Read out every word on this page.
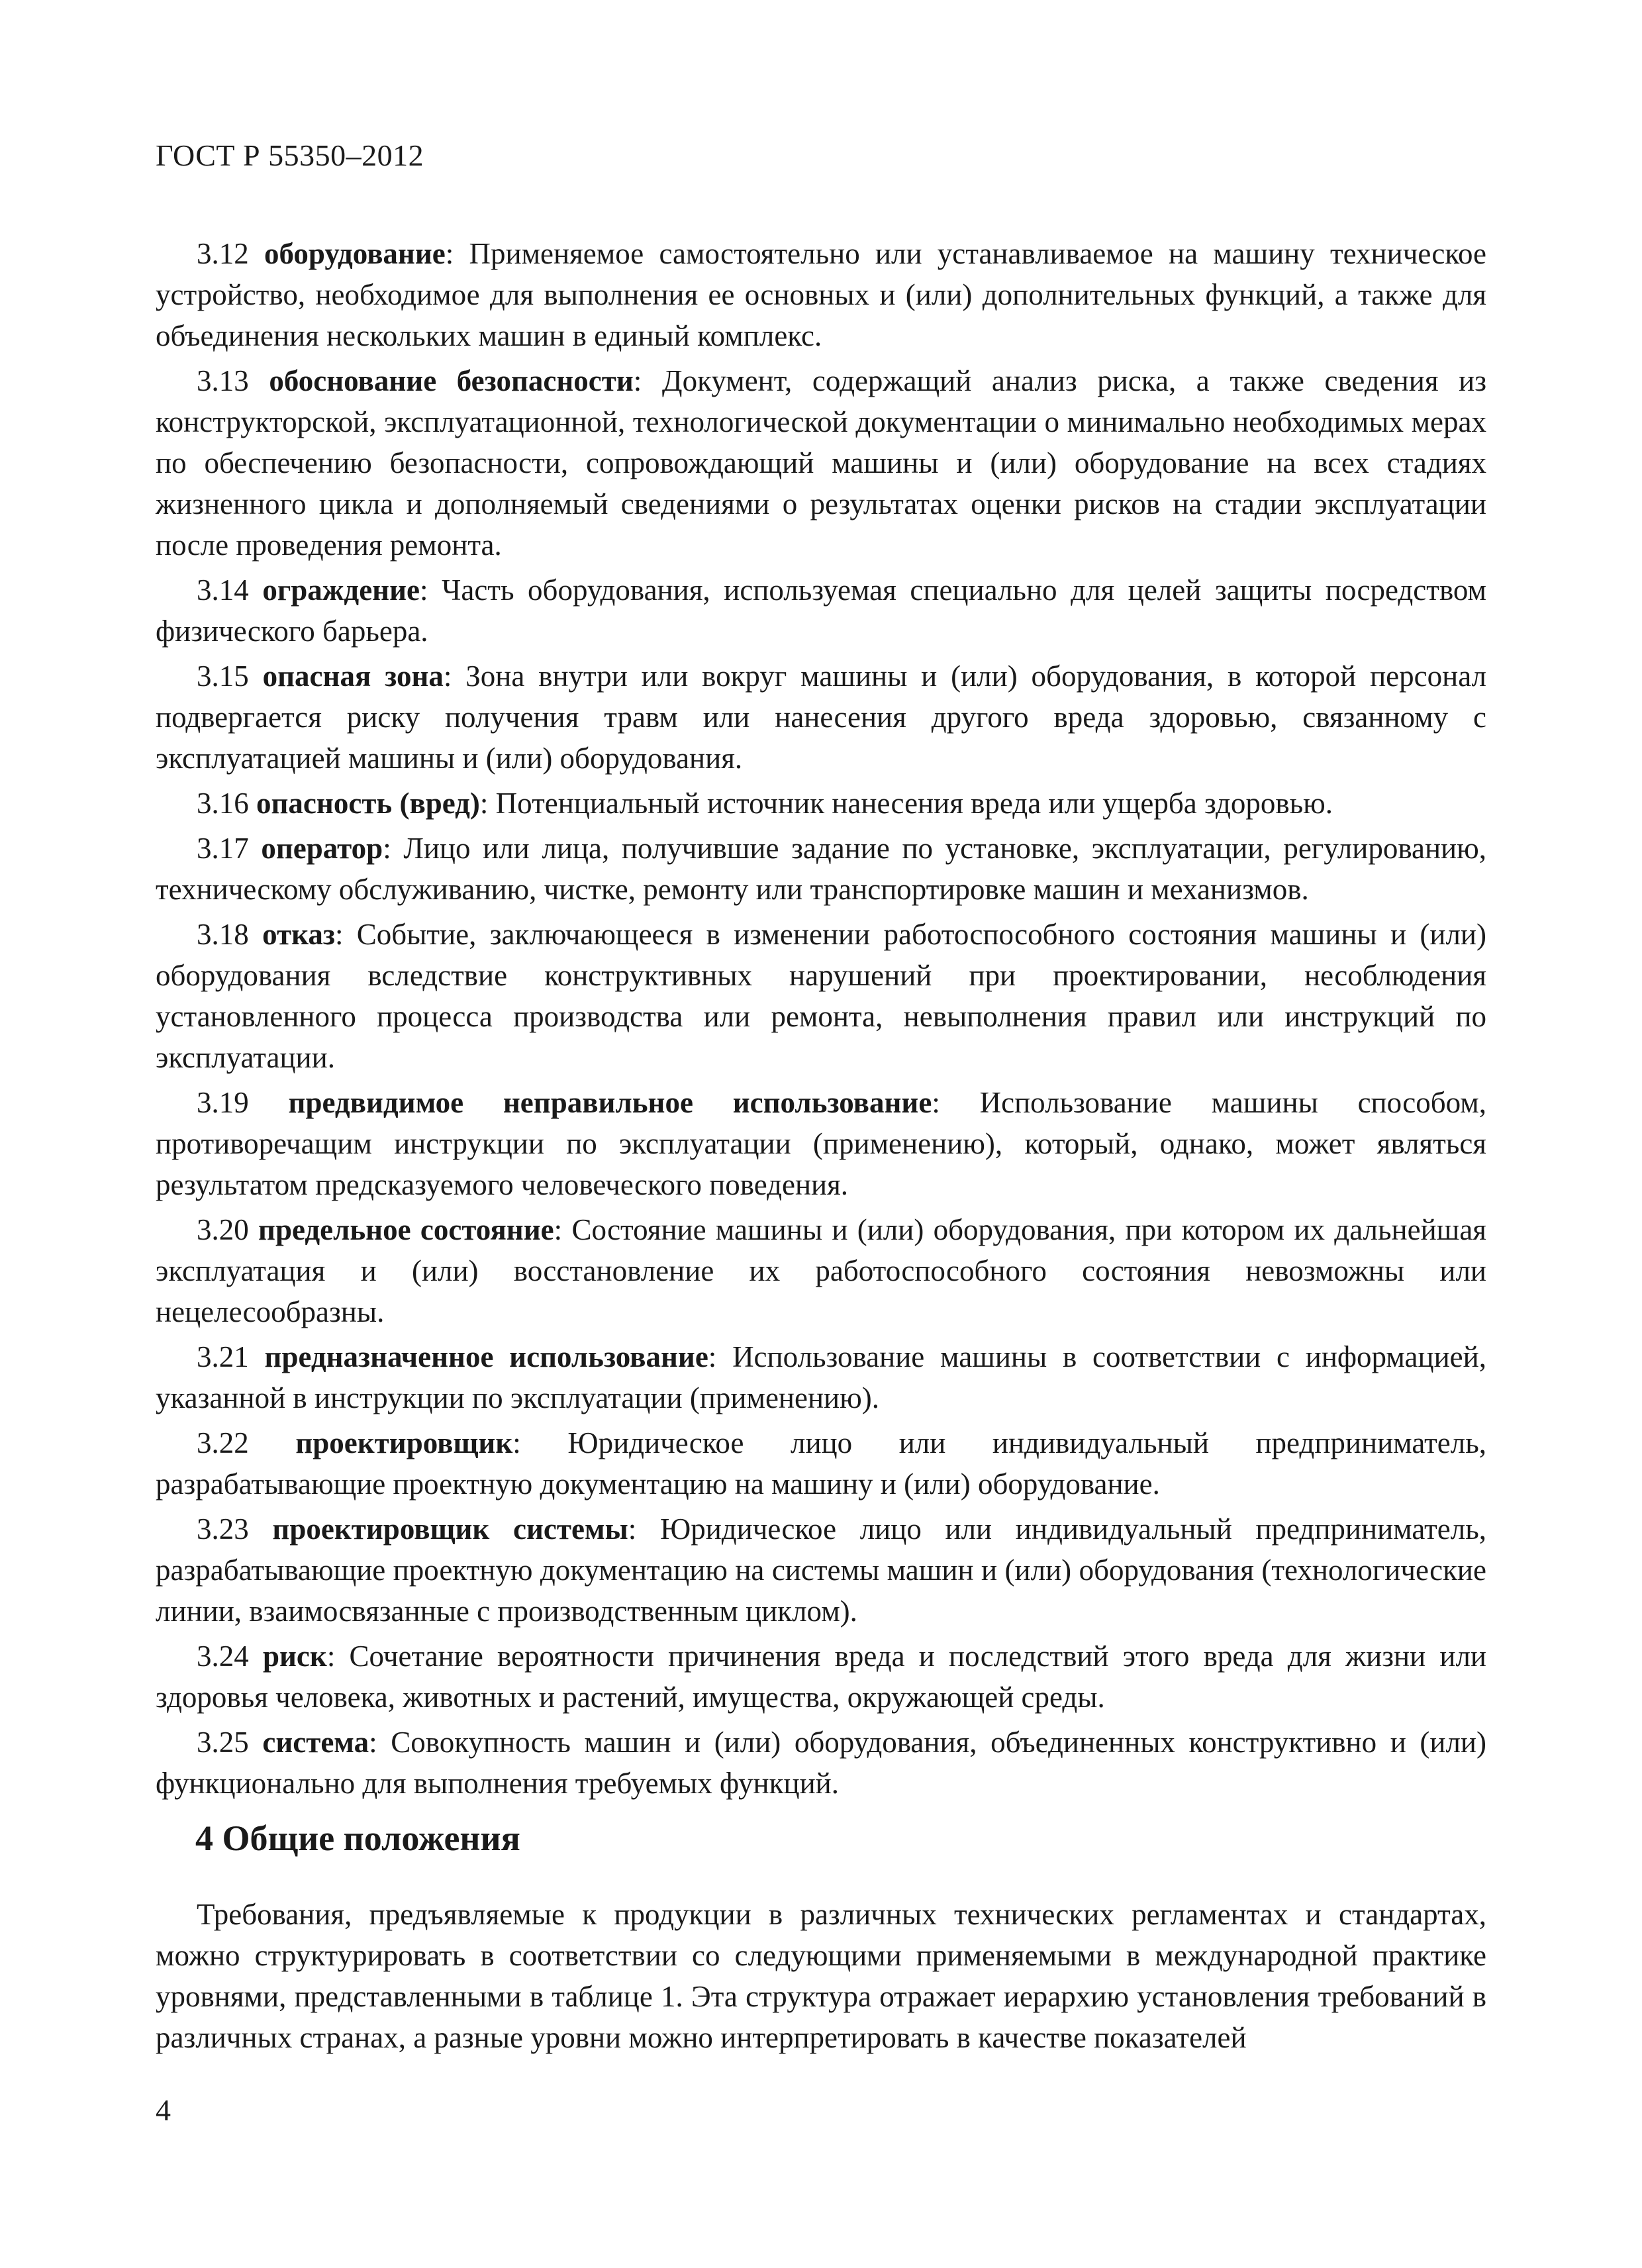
ГОСТ Р 55350–2012

3.12 оборудование: Применяемое самостоятельно или устанавливаемое на машину техническое устройство, необходимое для выполнения ее основных и (или) дополнительных функций, а также для объединения нескольких машин в единый комплекс.

3.13 обоснование безопасности: Документ, содержащий анализ риска, а также сведения из конструкторской, эксплуатационной, технологической документации о минимально необходимых мерах по обеспечению безопасности, сопровождающий машины и (или) оборудование на всех стадиях жизненного цикла и дополняемый сведениями о результатах оценки рисков на стадии эксплуатации после проведения ремонта.

3.14 ограждение: Часть оборудования, используемая специально для целей защиты посредством физического барьера.

3.15 опасная зона: Зона внутри или вокруг машины и (или) оборудования, в которой персонал подвергается риску получения травм или нанесения другого вреда здоровью, связанному с эксплуатацией машины и (или) оборудования.

3.16 опасность (вред): Потенциальный источник нанесения вреда или ущерба здоровью.

3.17 оператор: Лицо или лица, получившие задание по установке, эксплуатации, регулированию, техническому обслуживанию, чистке, ремонту или транспортировке машин и механизмов.

3.18 отказ: Событие, заключающееся в изменении работоспособного состояния машины и (или) оборудования вследствие конструктивных нарушений при проектировании, несоблюдения установленного процесса производства или ремонта, невыполнения правил или инструкций по эксплуатации.

3.19 предвидимое неправильное использование: Использование машины способом, противоречащим инструкции по эксплуатации (применению), который, однако, может являться результатом предсказуемого человеческого поведения.

3.20 предельное состояние: Состояние машины и (или) оборудования, при котором их дальнейшая эксплуатация и (или) восстановление их работоспособного состояния невозможны или нецелесообразны.

3.21 предназначенное использование: Использование машины в соответствии с информацией, указанной в инструкции по эксплуатации (применению).

3.22 проектировщик: Юридическое лицо или индивидуальный предприниматель, разрабатывающие проектную документацию на машину и (или) оборудование.

3.23 проектировщик системы: Юридическое лицо или индивидуальный предприниматель, разрабатывающие проектную документацию на системы машин и (или) оборудования (технологические линии, взаимосвязанные с производственным циклом).

3.24 риск: Сочетание вероятности причинения вреда и последствий этого вреда для жизни или здоровья человека, животных и растений, имущества, окружающей среды.

3.25 система: Совокупность машин и (или) оборудования, объединенных конструктивно и (или) функционально для выполнения требуемых функций.

4 Общие положения

Требования, предъявляемые к продукции в различных технических регламентах и стандартах, можно структурировать в соответствии со следующими применяемыми в международной практике уровнями, представленными в таблице 1. Эта структура отражает иерархию установления требований в различных странах, а разные уровни можно интерпретировать в качестве показателей

4
